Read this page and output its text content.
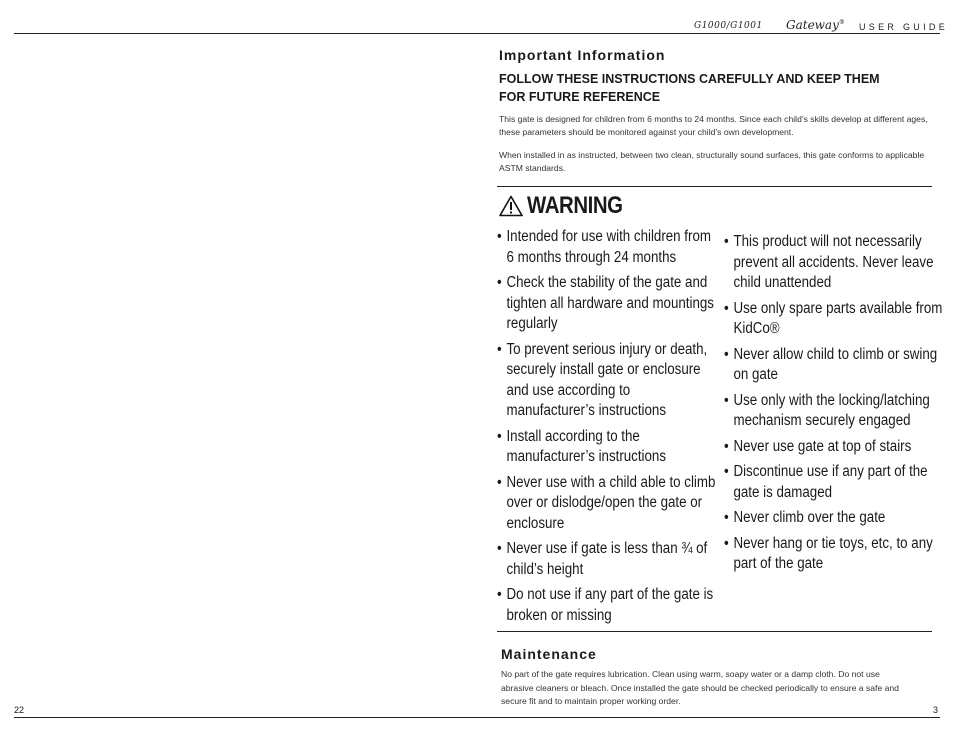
G1000/G1001 Gateway® USER GUIDE
Important Information
FOLLOW THESE INSTRUCTIONS CAREFULLY AND KEEP THEM
FOR FUTURE REFERENCE
This gate is designed for children from 6 months to 24 months. Since each child’s skills develop at different ages, these parameters should be monitored against your child’s own development.
When installed in as instructed, between two clean, structurally sound surfaces, this gate conforms to applicable ASTM standards.
WARNING
• Intended for use with children from 6 months through 24 months
• Check the stability of the gate and tighten all hardware and mountings regularly
• To prevent serious injury or death, securely install gate or enclosure and use according to manufacturer’s instructions
• Install according to the manufacturer’s instructions
• Never use with a child able to climb over or dislodge/open the gate or enclosure
• Never use if gate is less than ¾ of child’s height
• Do not use if any part of the gate is broken or missing
• This product will not necessarily prevent all accidents. Never leave child unattended
• Use only spare parts available from KidCo®
• Never allow child to climb or swing on gate
• Use only with the locking/latching mechanism securely engaged
• Never use gate at top of stairs
• Discontinue use if any part of the gate is damaged
• Never climb over the gate
• Never hang or tie toys, etc, to any part of the gate
Maintenance
No part of the gate requires lubrication. Clean using warm, soapy water or a damp cloth. Do not use abrasive cleaners or bleach. Once installed the gate should be checked periodically to ensure a safe and secure fit and to maintain proper working order.
22	3
